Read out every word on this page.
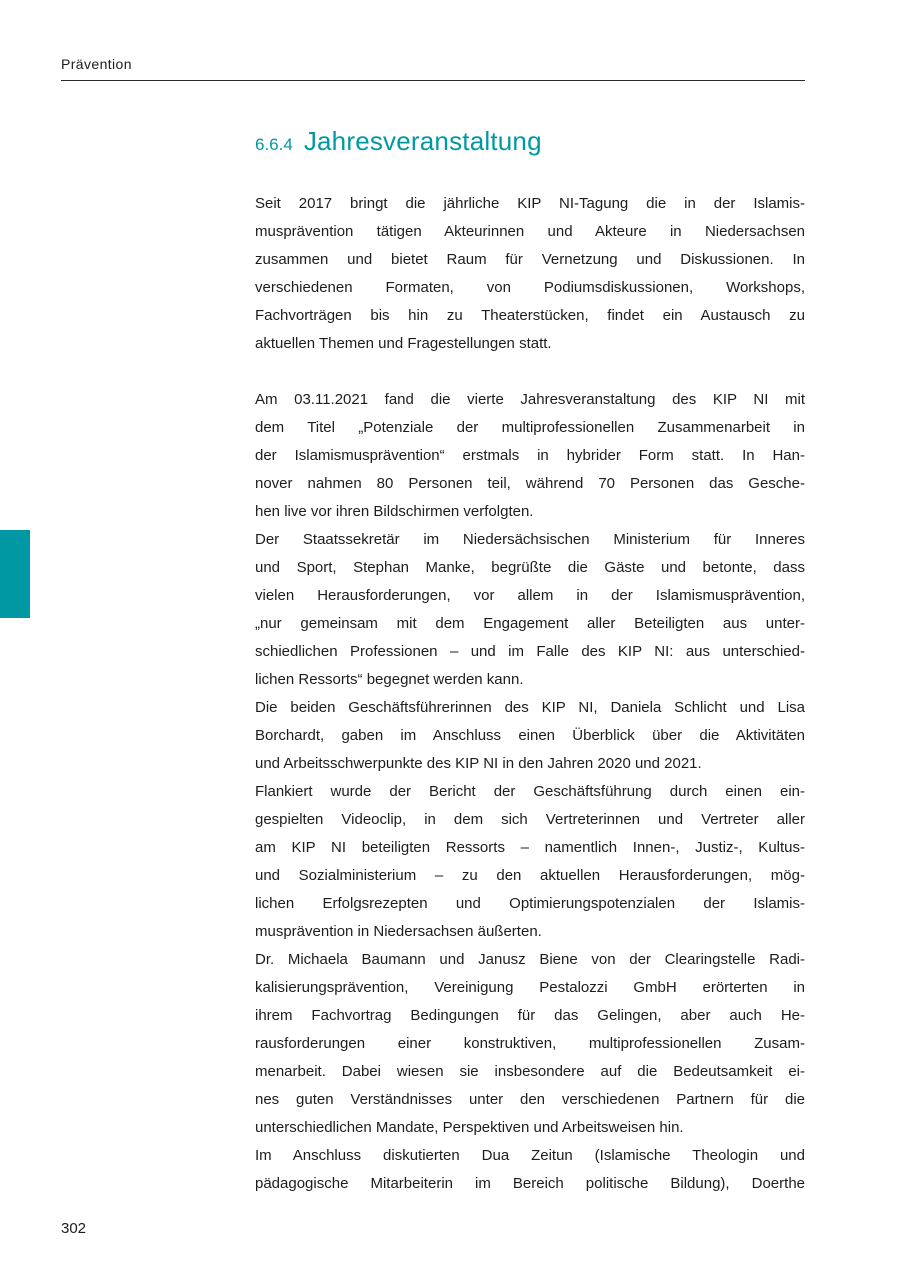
Prävention
6.6.4 Jahresveranstaltung
Seit 2017 bringt die jährliche KIP NI-Tagung die in der Islamis-
musprävention tätigen Akteurinnen und Akteure in Niedersachsen
zusammen und bietet Raum für Vernetzung und Diskussionen. In
verschiedenen Formaten, von Podiumsdiskussionen, Workshops,
Fachvorträgen bis hin zu Theaterstücken, findet ein Austausch zu
aktuellen Themen und Fragestellungen statt.
Am 03.11.2021 fand die vierte Jahresveranstaltung des KIP NI mit
dem Titel „Potenziale der multiprofessionellen Zusammenarbeit in
der Islamismusprävention“ erstmals in hybrider Form statt. In Han-
nover nahmen 80 Personen teil, während 70 Personen das Gesche-
hen live vor ihren Bildschirmen verfolgten.
Der Staatssekretär im Niedersächsischen Ministerium für Inneres
und Sport, Stephan Manke, begrüßte die Gäste und betonte, dass
vielen Herausforderungen, vor allem in der Islamismusprävention,
„nur gemeinsam mit dem Engagement aller Beteiligten aus unter-
schiedlichen Professionen – und im Falle des KIP NI: aus unterschied-
lichen Ressorts“ begegnet werden kann.
Die beiden Geschäftsführerinnen des KIP NI, Daniela Schlicht und Lisa
Borchardt, gaben im Anschluss einen Überblick über die Aktivitäten
und Arbeitsschwerpunkte des KIP NI in den Jahren 2020 und 2021.
Flankiert wurde der Bericht der Geschäftsführung durch einen ein-
gespielten Videoclip, in dem sich Vertreterinnen und Vertreter aller
am KIP NI beteiligten Ressorts – namentlich Innen-, Justiz-, Kultus-
und Sozialministerium – zu den aktuellen Herausforderungen, mög-
lichen Erfolgsrezepten und Optimierungspotenzialen der Islamis-
musprävention in Niedersachsen äußerten.
Dr. Michaela Baumann und Janusz Biene von der Clearingstelle Radi-
kalisierungsprävention, Vereinigung Pestalozzi GmbH erörterten in
ihrem Fachvortrag Bedingungen für das Gelingen, aber auch He-
rausforderungen einer konstruktiven, multiprofessionellen Zusam-
menarbeit. Dabei wiesen sie insbesondere auf die Bedeutsamkeit ei-
nes guten Verständnisses unter den verschiedenen Partnern für die
unterschiedlichen Mandate, Perspektiven und Arbeitsweisen hin.
Im Anschluss diskutierten Dua Zeitun (Islamische Theologin und
pädagogische Mitarbeiterin im Bereich politische Bildung), Doerthe
302
